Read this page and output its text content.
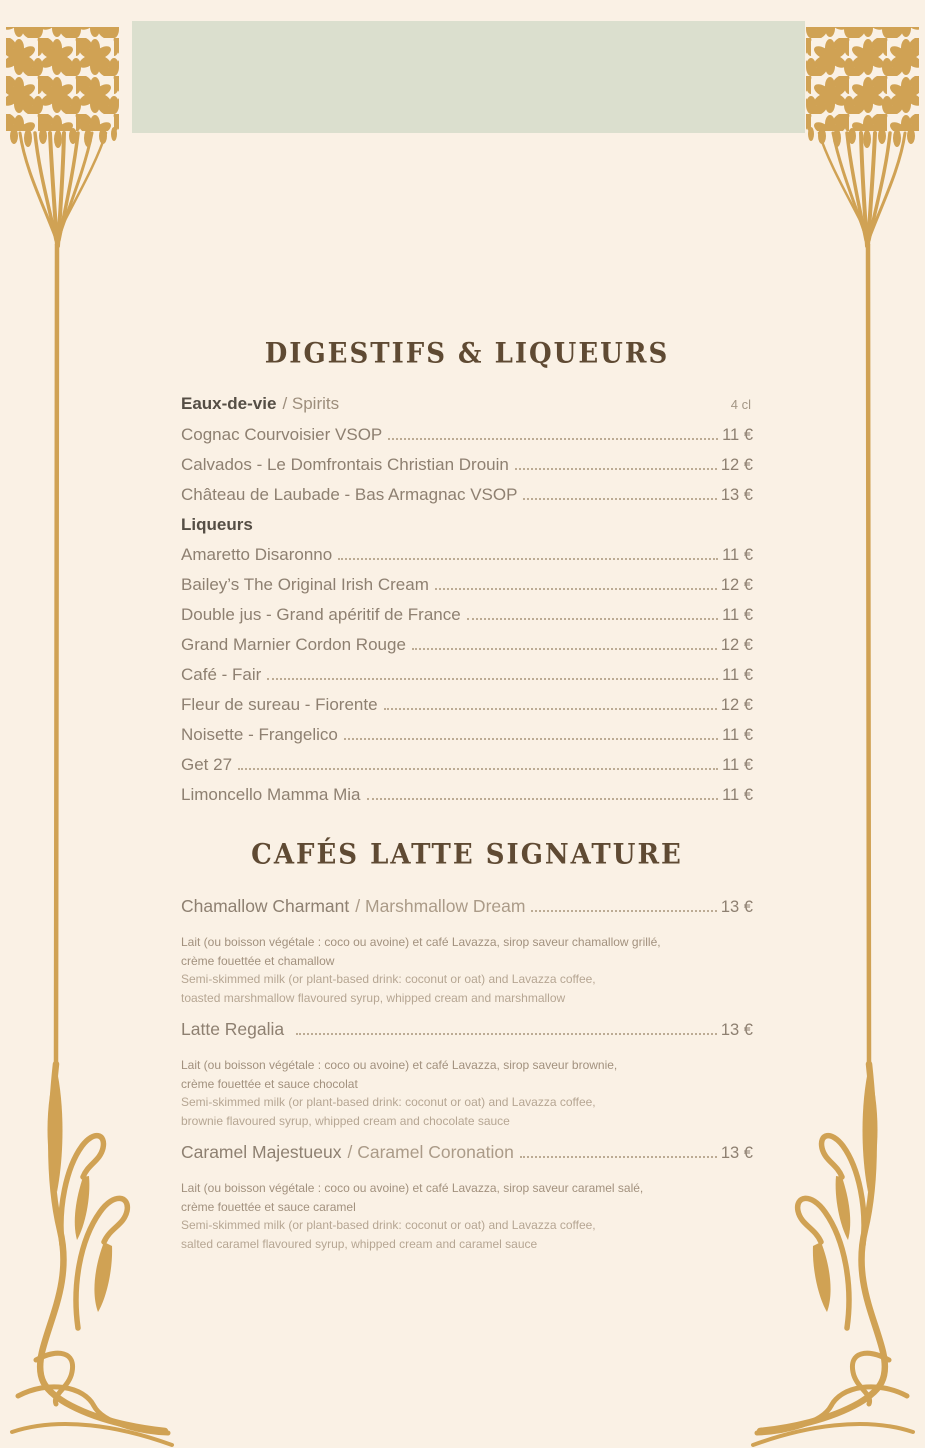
DIGESTIFS & LIQUEURS
Eaux-de-vie / Spirits	4 cl
Cognac Courvoisier VSOP	11 €
Calvados - Le Domfrontais Christian Drouin	12 €
Château de Laubade - Bas Armagnac VSOP	13 €
Liqueurs
Amaretto Disaronno	11 €
Bailey’s The Original Irish Cream	12 €
Double jus - Grand apéritif de France	11 €
Grand Marnier Cordon Rouge	12 €
Café - Fair	11 €
Fleur de sureau - Fiorente	12 €
Noisette - Frangelico	11 €
Get 27	11 €
Limoncello Mamma Mia	11 €
CAFÉS LATTE SIGNATURE
Chamallow Charmant / Marshmallow Dream	13 €
Lait (ou boisson végétale : coco ou avoine) et café Lavazza, sirop saveur chamallow grillé,
crème fouettée et chamallow
Semi-skimmed milk (or plant-based drink: coconut or oat) and Lavazza coffee,
toasted marshmallow flavoured syrup, whipped cream and marshmallow
Latte Regalia	13 €
Lait (ou boisson végétale : coco ou avoine) et café Lavazza, sirop saveur brownie,
crème fouettée et sauce chocolat
Semi-skimmed milk (or plant-based drink: coconut or oat) and Lavazza coffee,
brownie flavoured syrup, whipped cream and chocolate sauce
Caramel Majestueux / Caramel Coronation	13 €
Lait (ou boisson végétale : coco ou avoine) et café Lavazza, sirop saveur caramel salé,
crème fouettée et sauce caramel
Semi-skimmed milk (or plant-based drink: coconut or oat) and Lavazza coffee,
salted caramel flavoured syrup, whipped cream and caramel sauce
